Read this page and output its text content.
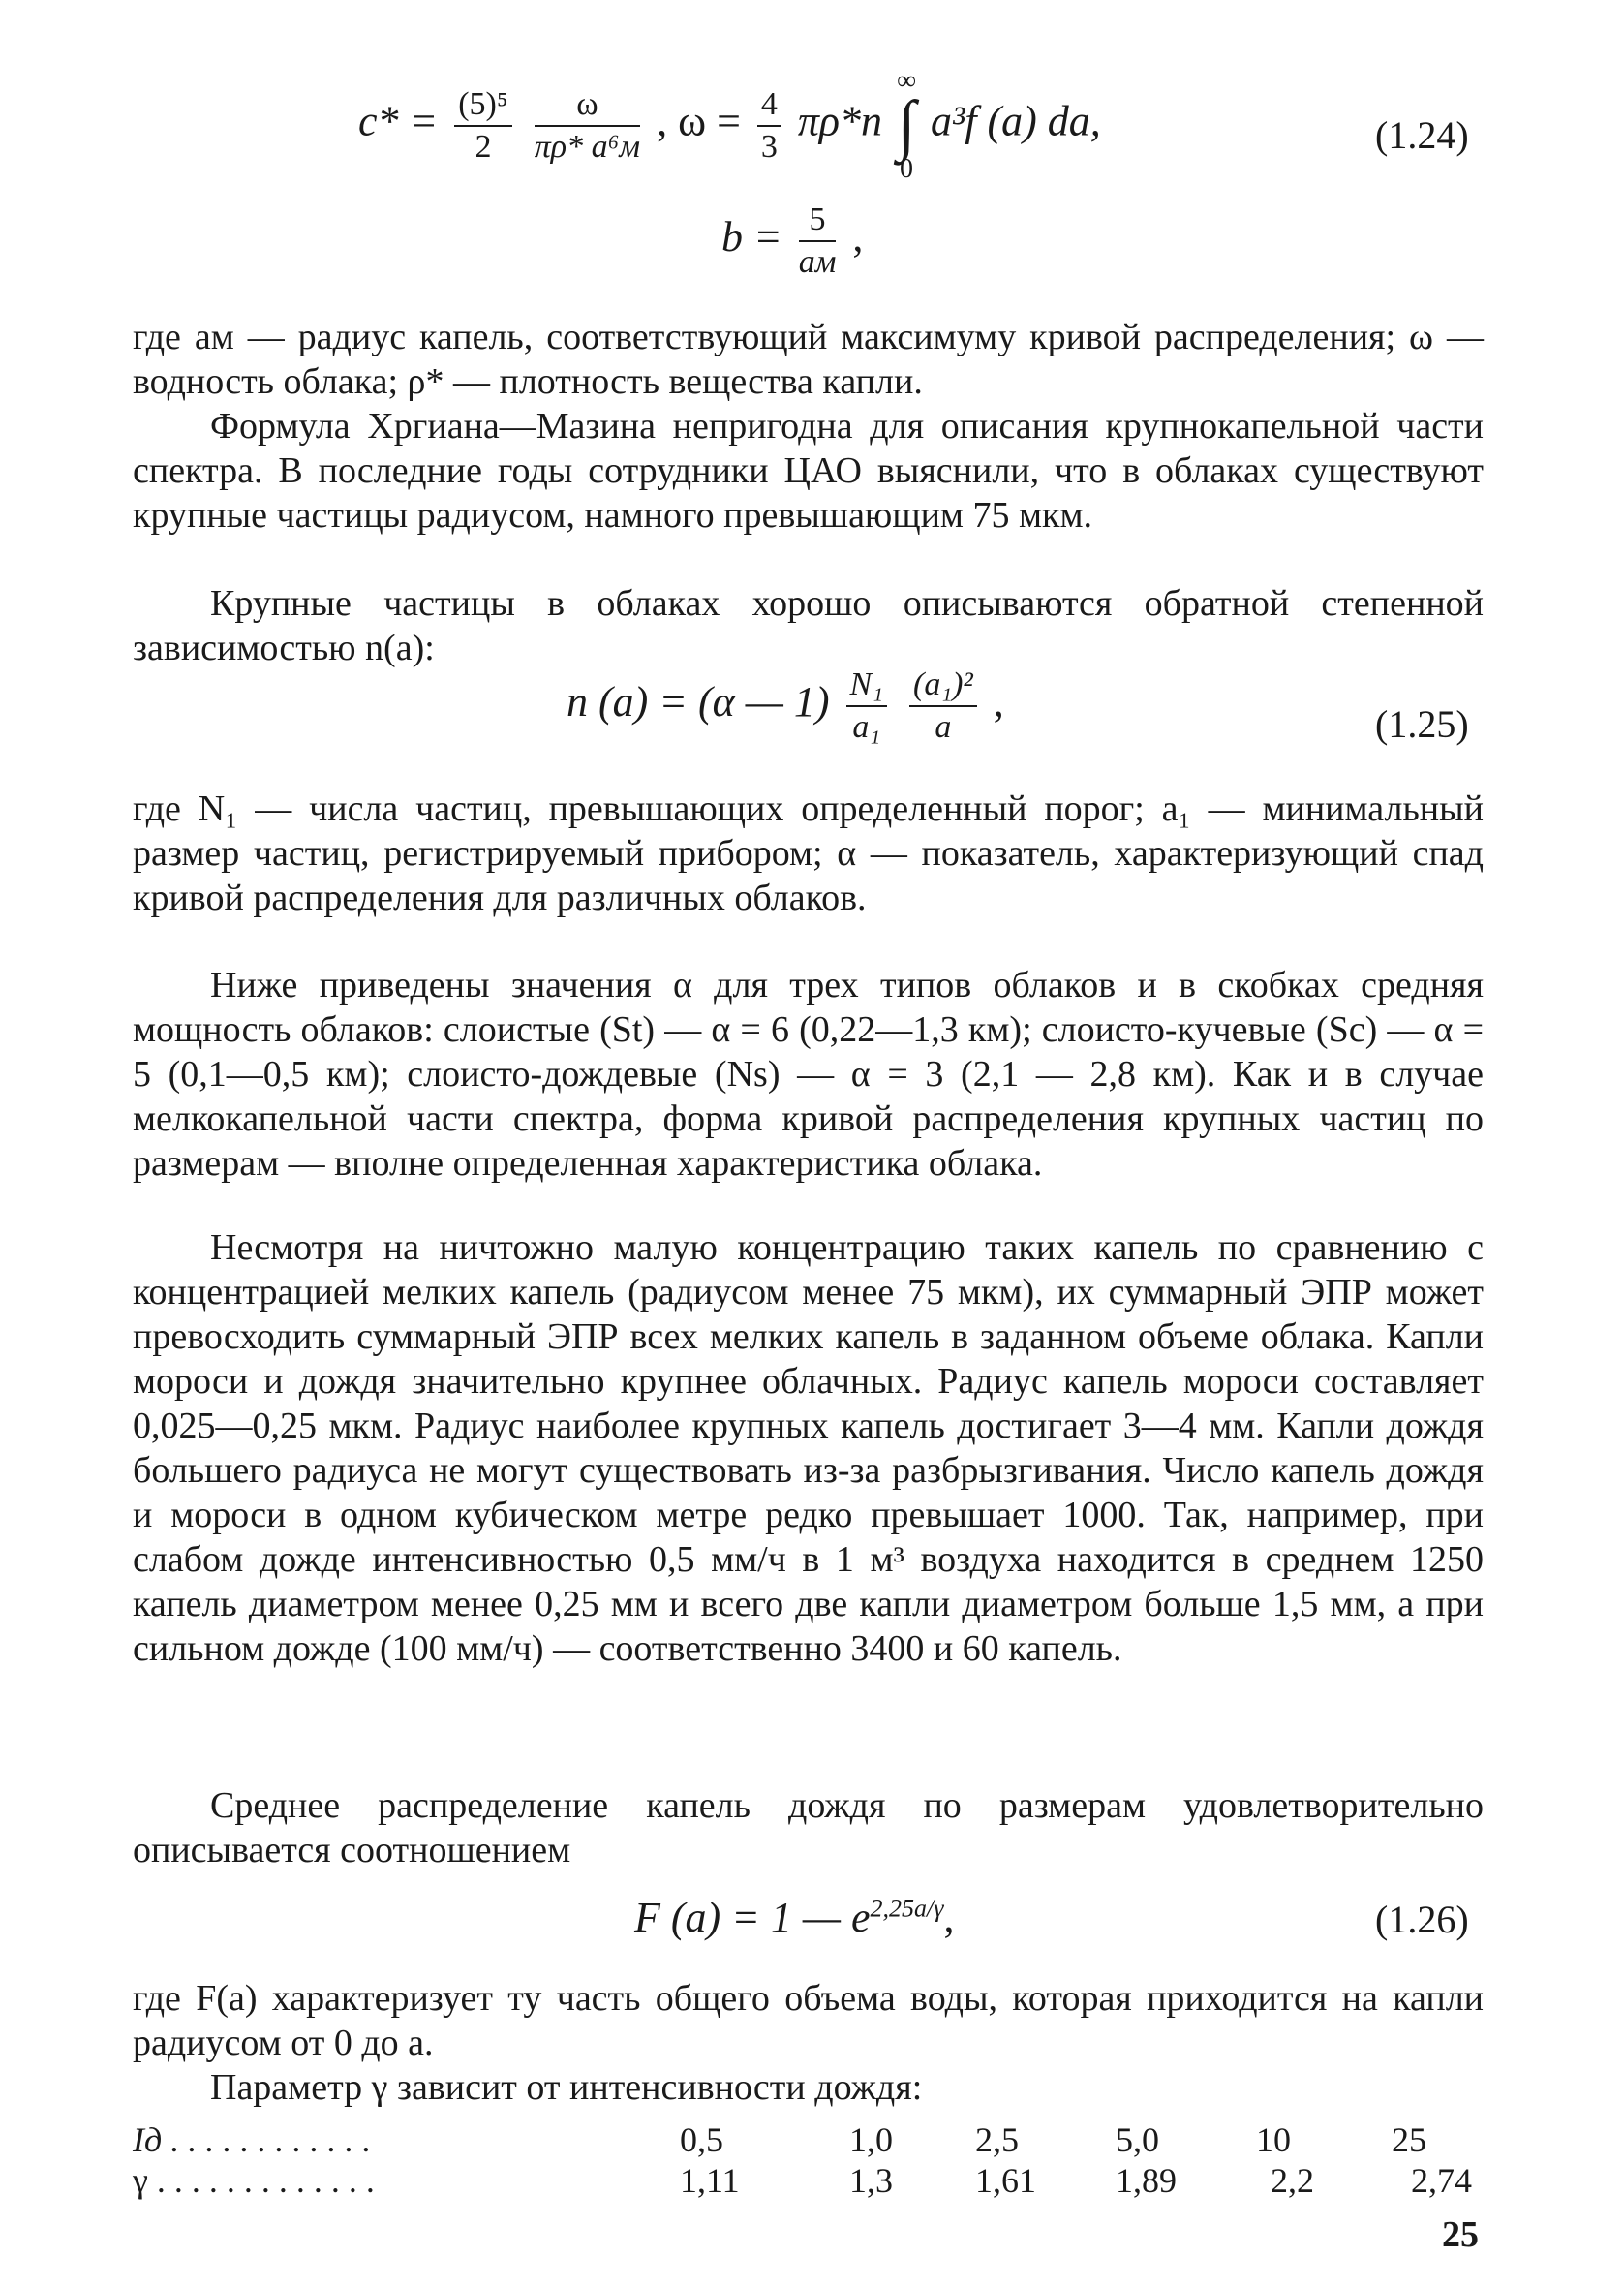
$c* = \frac{\text{(5)⁵}}{2}$
$\frac{\omega}{\text{πρ* a⁶м}}$ , $\omega = \frac{4}{3} \pi\rho*n$
∞
∫
0
a³f (a) da,	(1.24)
$b = \frac{5}{aм}$ ,
где aм — радиус капель, соответствующий максимуму кривой распределения; ω — водность облака; ρ* — плотность вещества капли.
Формула Хргиана—Мазина непригодна для описания крупнокапельной части спектра. В последние годы сотрудники ЦАО выяснили, что в облаках существуют крупные частицы радиусом, намного превышающим 75 мкм.
Крупные частицы в облаках хорошо описываются обратной степенной зависимостью n(a):
n (a) = (α — $1) \frac{\text{N₁}}{\text{a₁}}$
$\frac{\text{(a₁)²}}{a}$ ,	(1.25)
где N₁ — числа частиц, превышающих определенный порог; a₁ — минимальный размер частиц, регистрируемый прибором; α — показатель, характеризующий спад кривой распределения для различных облаков.
Ниже приведены значения α для трех типов облаков и в скобках средняя мощность облаков: слоистые (St) — α = 6 (0,22—1,3 км); слоисто-кучевые (Sc) — α = 5 (0,1—0,5 км); слоисто-дождевые (Ns) — α = 3 (2,1 — 2,8 км). Как и в случае мелкокапельной части спектра, форма кривой распределения крупных частиц по размерам — вполне определенная характеристика облака.
Несмотря на ничтожно малую концентрацию таких капель по сравнению с концентрацией мелких капель (радиусом менее 75 мкм), их суммарный ЭПР может превосходить суммарный ЭПР всех мелких капель в заданном объеме облака. Капли мороси и дождя значительно крупнее облачных. Радиус капель мороси составляет 0,025—0,25 мкм. Радиус наиболее крупных капель достигает 3—4 мм. Капли дождя большего радиуса не могут существовать из-за разбрызгивания. Число капель дождя и мороси в одном кубическом метре редко превышает 1000. Так, например, при слабом дожде интенсивностью 0,5 мм/ч в 1 м³ воздуха находится в среднем 1250 капель диаметром менее 0,25 мм и всего две капли диаметром больше 1,5 мм, а при сильном дожде (100 мм/ч) — соответственно 3400 и 60 капель.
Среднее распределение капель дождя по размерам удовлетворительно описывается соотношением
F (a) = 1 — $e^{2,25a/\gamma}$,	(1.26)
где F(a) характеризует ту часть общего объема воды, которая приходится на капли радиусом от 0 до a.
Параметр γ зависит от интенсивности дождя:
Iд . . . . . . . . . . . .	0,5	1,0 2,5	5,0	10	25
γ . . . . . . . . . . . . .	1,11	1,3 1,61 1,89	2,2	2,74
25
